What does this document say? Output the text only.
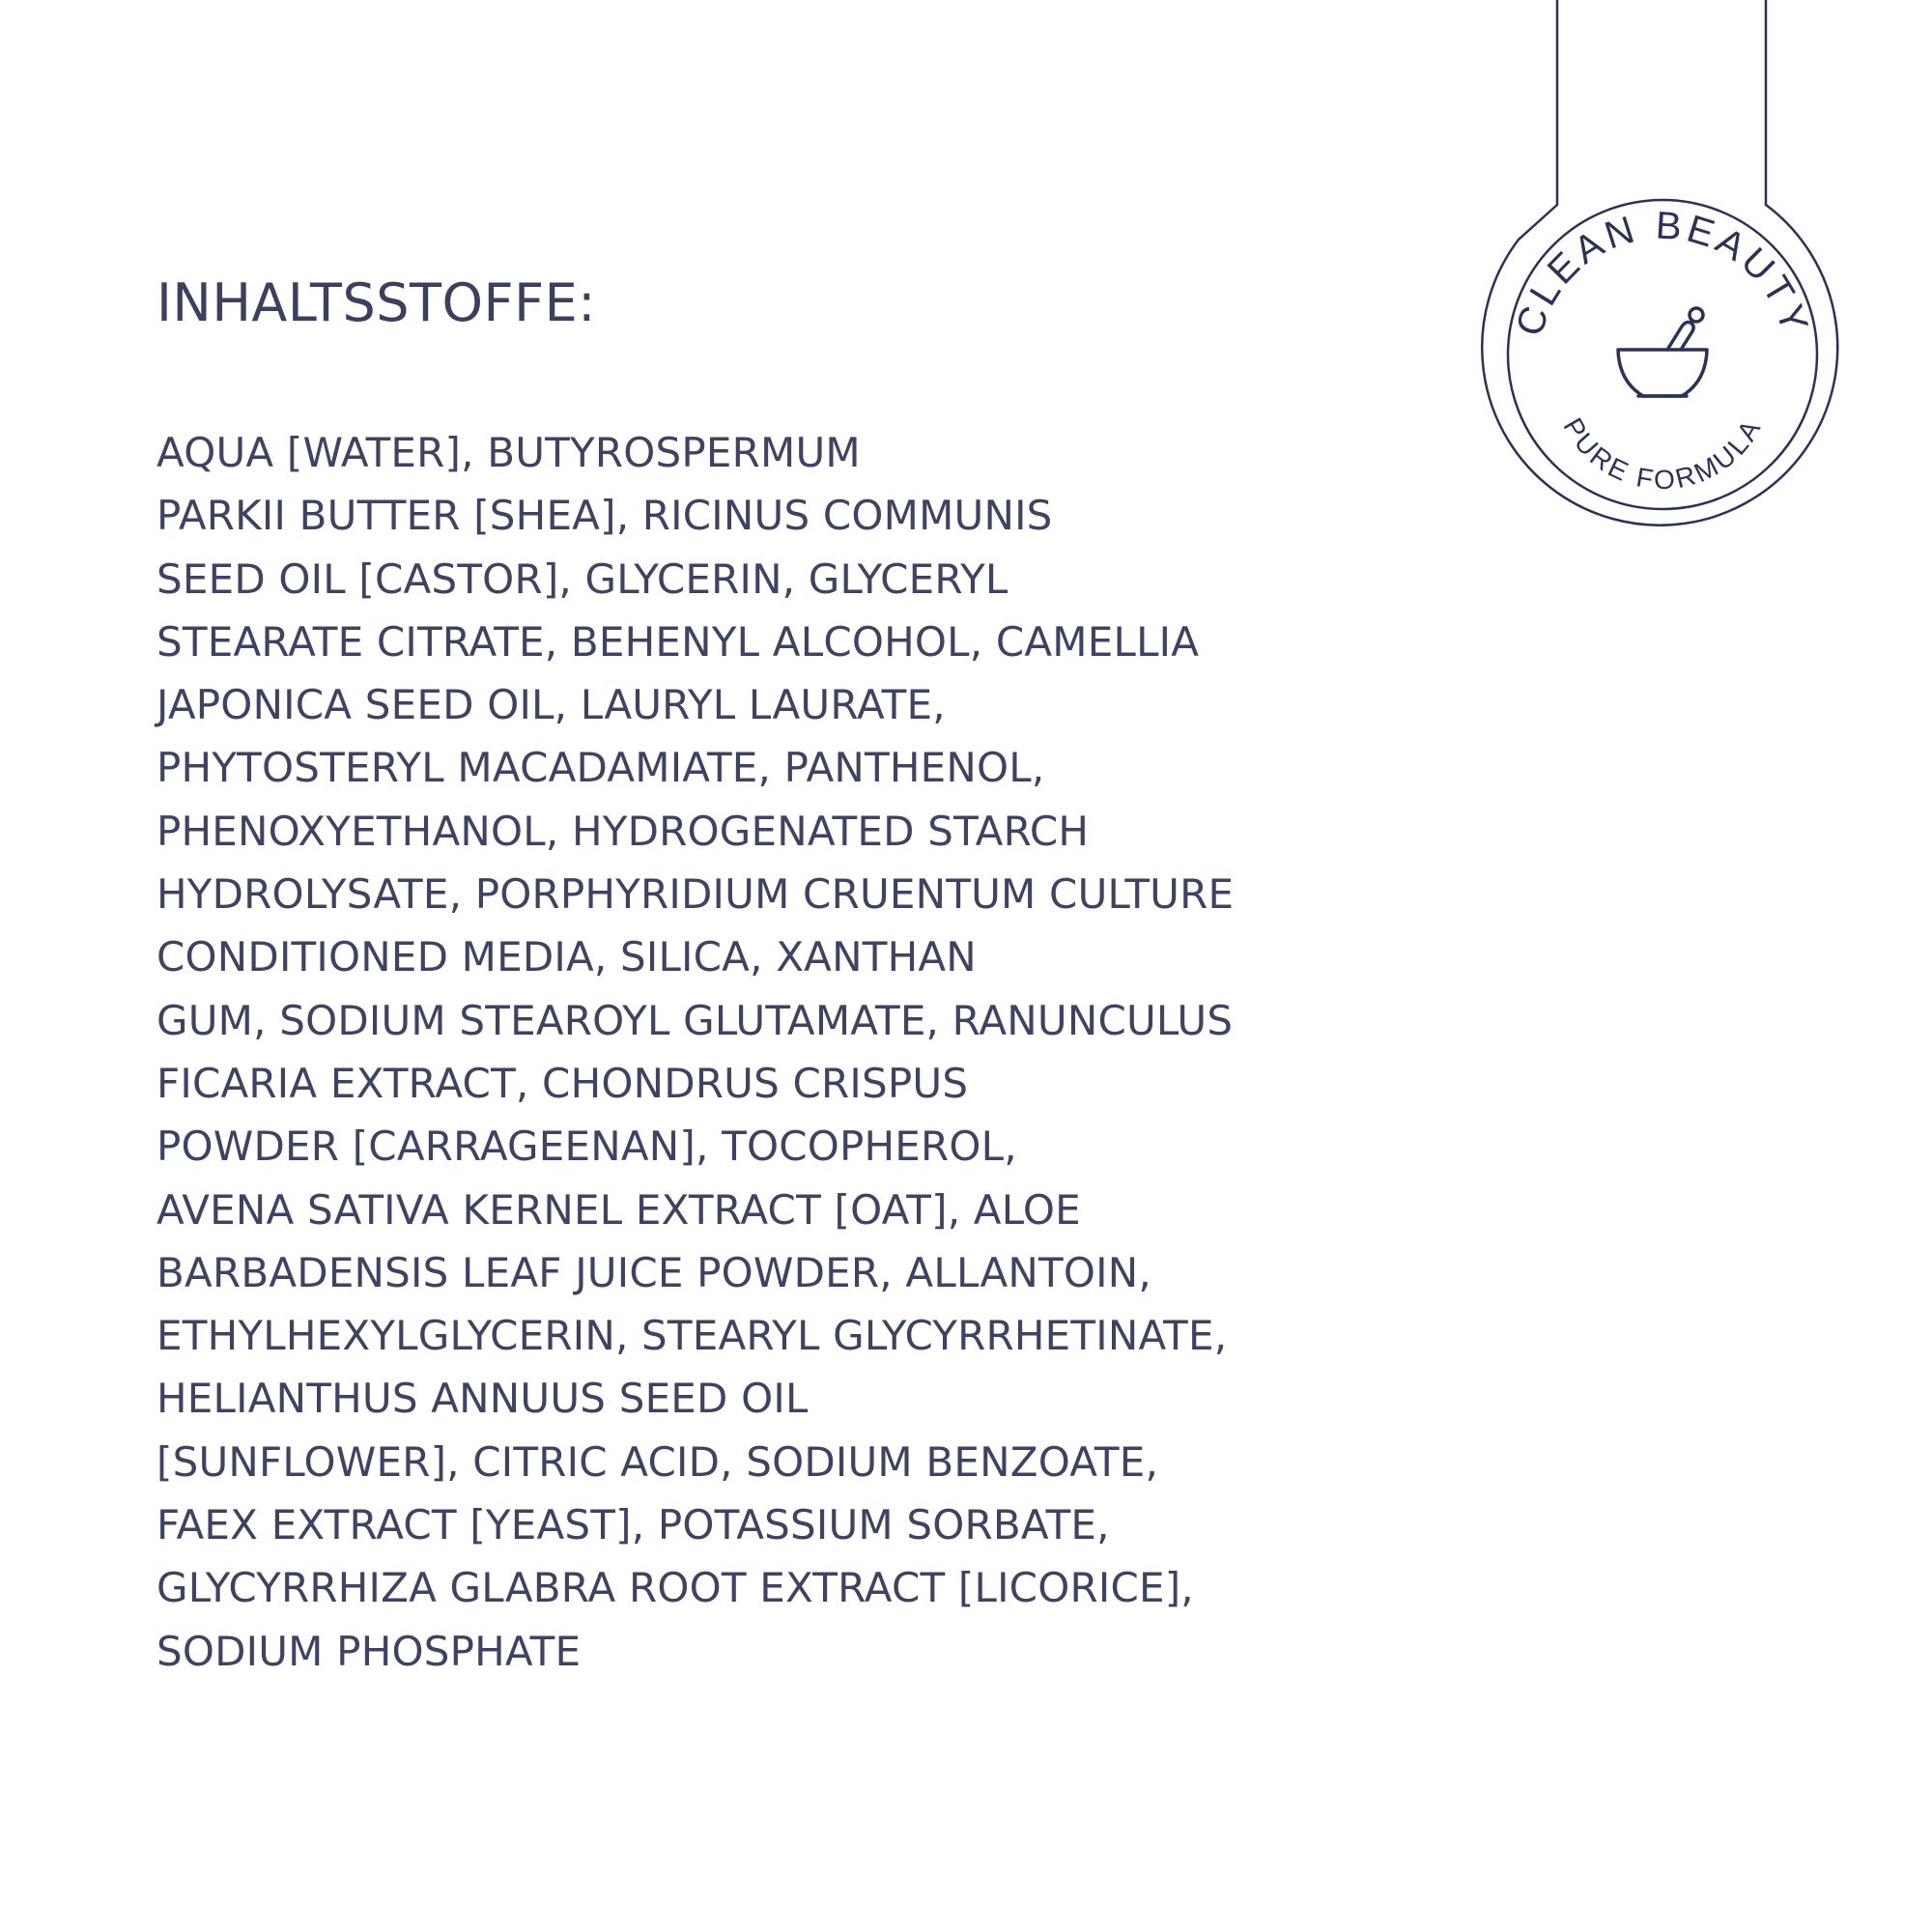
INHALTSSTOFFE:
AQUA [WATER], BUTYROSPERMUM
PARKII BUTTER [SHEA], RICINUS COMMUNIS
SEED OIL [CASTOR], GLYCERIN, GLYCERYL
STEARATE CITRATE, BEHENYL ALCOHOL, CAMELLIA
JAPONICA SEED OIL, LAURYL LAURATE,
PHYTOSTERYL MACADAMIATE, PANTHENOL,
PHENOXYETHANOL, HYDROGENATED STARCH
HYDROLYSATE, PORPHYRIDIUM CRUENTUM CULTURE
CONDITIONED MEDIA, SILICA, XANTHAN
GUM, SODIUM STEAROYL GLUTAMATE, RANUNCULUS
FICARIA EXTRACT, CHONDRUS CRISPUS
POWDER [CARRAGEENAN], TOCOPHEROL,
AVENA SATIVA KERNEL EXTRACT [OAT], ALOE
BARBADENSIS LEAF JUICE POWDER, ALLANTOIN,
ETHYLHEXYLGLYCERIN, STEARYL GLYCYRRHETINATE,
HELIANTHUS ANNUUS SEED OIL
[SUNFLOWER], CITRIC ACID, SODIUM BENZOATE,
FAEX EXTRACT [YEAST], POTASSIUM SORBATE,
GLYCYRRHIZA GLABRA ROOT EXTRACT [LICORICE],
SODIUM PHOSPHATE
CLEAN BEAUTY
PURE FORMULA
